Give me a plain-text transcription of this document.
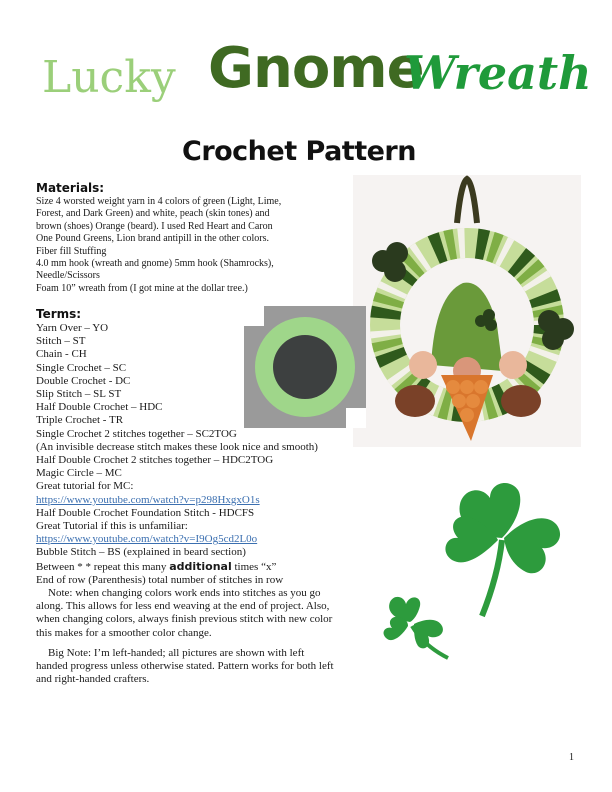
Lucky Gnome
Wreath
Crochet Pattern
Materials:
Size 4 worsted weight yarn in 4 colors of green (Light, Lime,
Forest, and Dark Green) and white, peach (skin tones) and
brown (shoes) Orange (beard). I used Red Heart and Caron
One Pound Greens, Lion brand antipill in the other colors.
Fiber fill Stuffing
4.0 mm hook (wreath and gnome) 5mm hook (Shamrocks),
Needle/Scissors
Foam 10” wreath from (I got mine at the dollar tree.)
Terms:
Yarn Over – YO
Stitch – ST
Chain - CH
Single Crochet – SC
Double Crochet - DC
Slip Stitch – SL ST
Half Double Crochet – HDC
Triple Crochet - TR
Single Crochet 2 stitches together – SC2TOG
(An invisible decrease stitch makes these look nice and smooth)
Half Double Crochet 2 stitches together – HDC2TOG
Magic Circle – MC
Great tutorial for MC:
https://www.youtube.com/watch?v=p298HxgxO1s
Half Double Crochet Foundation Stitch - HDCFS
Great Tutorial if this is unfamiliar:
https://www.youtube.com/watch?v=I9Og5cd2L0o
Bubble Stitch – BS (explained in beard section)
Between * * repeat this many additional times “x”
End of row (Parenthesis) total number of stitches in row
Note: when changing colors work ends into stitches as you go along. This allows for less end weaving at the end of project. Also, when changing colors, always finish previous stitch with new color this makes for a smoother color change.
Big Note: I’m left-handed; all pictures are shown with left handed progress unless otherwise stated. Pattern works for both left and right-handed crafters.
1
